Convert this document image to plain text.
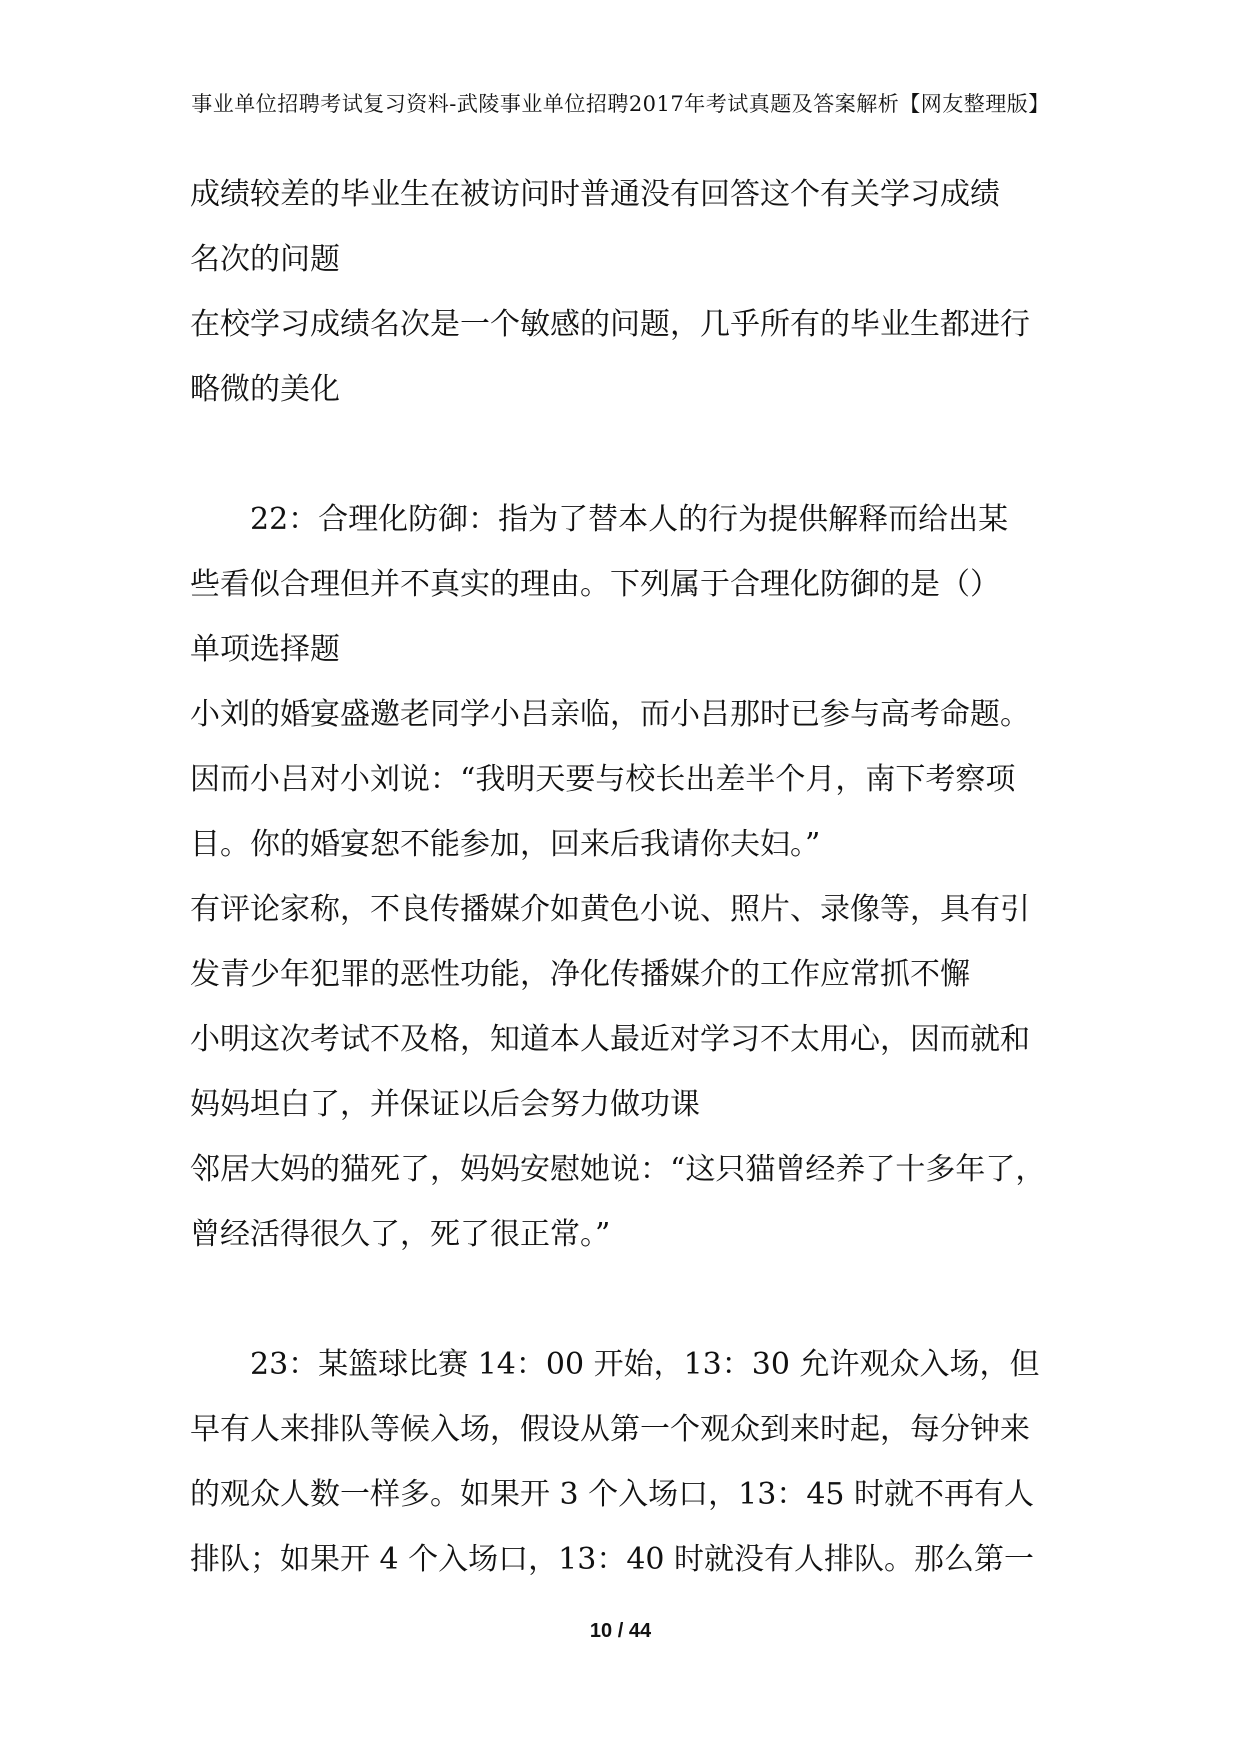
事业单位招聘考试复习资料-武陵事业单位招聘2017年考试真题及答案解析【网友整理版】
成绩较差的毕业生在被访问时普通没有回答这个有关学习成绩
名次的问题
在校学习成绩名次是一个敏感的问题，几乎所有的毕业生都进行
略微的美化
22：合理化防御：指为了替本人的行为提供解释而给出某
些看似合理但并不真实的理由。下列属于合理化防御的是（）
单项选择题
小刘的婚宴盛邀老同学小吕亲临，而小吕那时已参与高考命题。
因而小吕对小刘说：“我明天要与校长出差半个月，南下考察项
目。你的婚宴恕不能参加，回来后我请你夫妇。”
有评论家称，不良传播媒介如黄色小说、照片、录像等，具有引
发青少年犯罪的恶性功能，净化传播媒介的工作应常抓不懈
小明这次考试不及格，知道本人最近对学习不太用心，因而就和
妈妈坦白了，并保证以后会努力做功课
邻居大妈的猫死了，妈妈安慰她说：“这只猫曾经养了十多年了，
曾经活得很久了，死了很正常。”
23：某篮球比赛 14：00 开始，13：30 允许观众入场，但
早有人来排队等候入场，假设从第一个观众到来时起，每分钟来
的观众人数一样多。如果开 3 个入场口，13：45 时就不再有人
排队；如果开 4 个入场口，13：40 时就没有人排队。那么第一
10 / 44
